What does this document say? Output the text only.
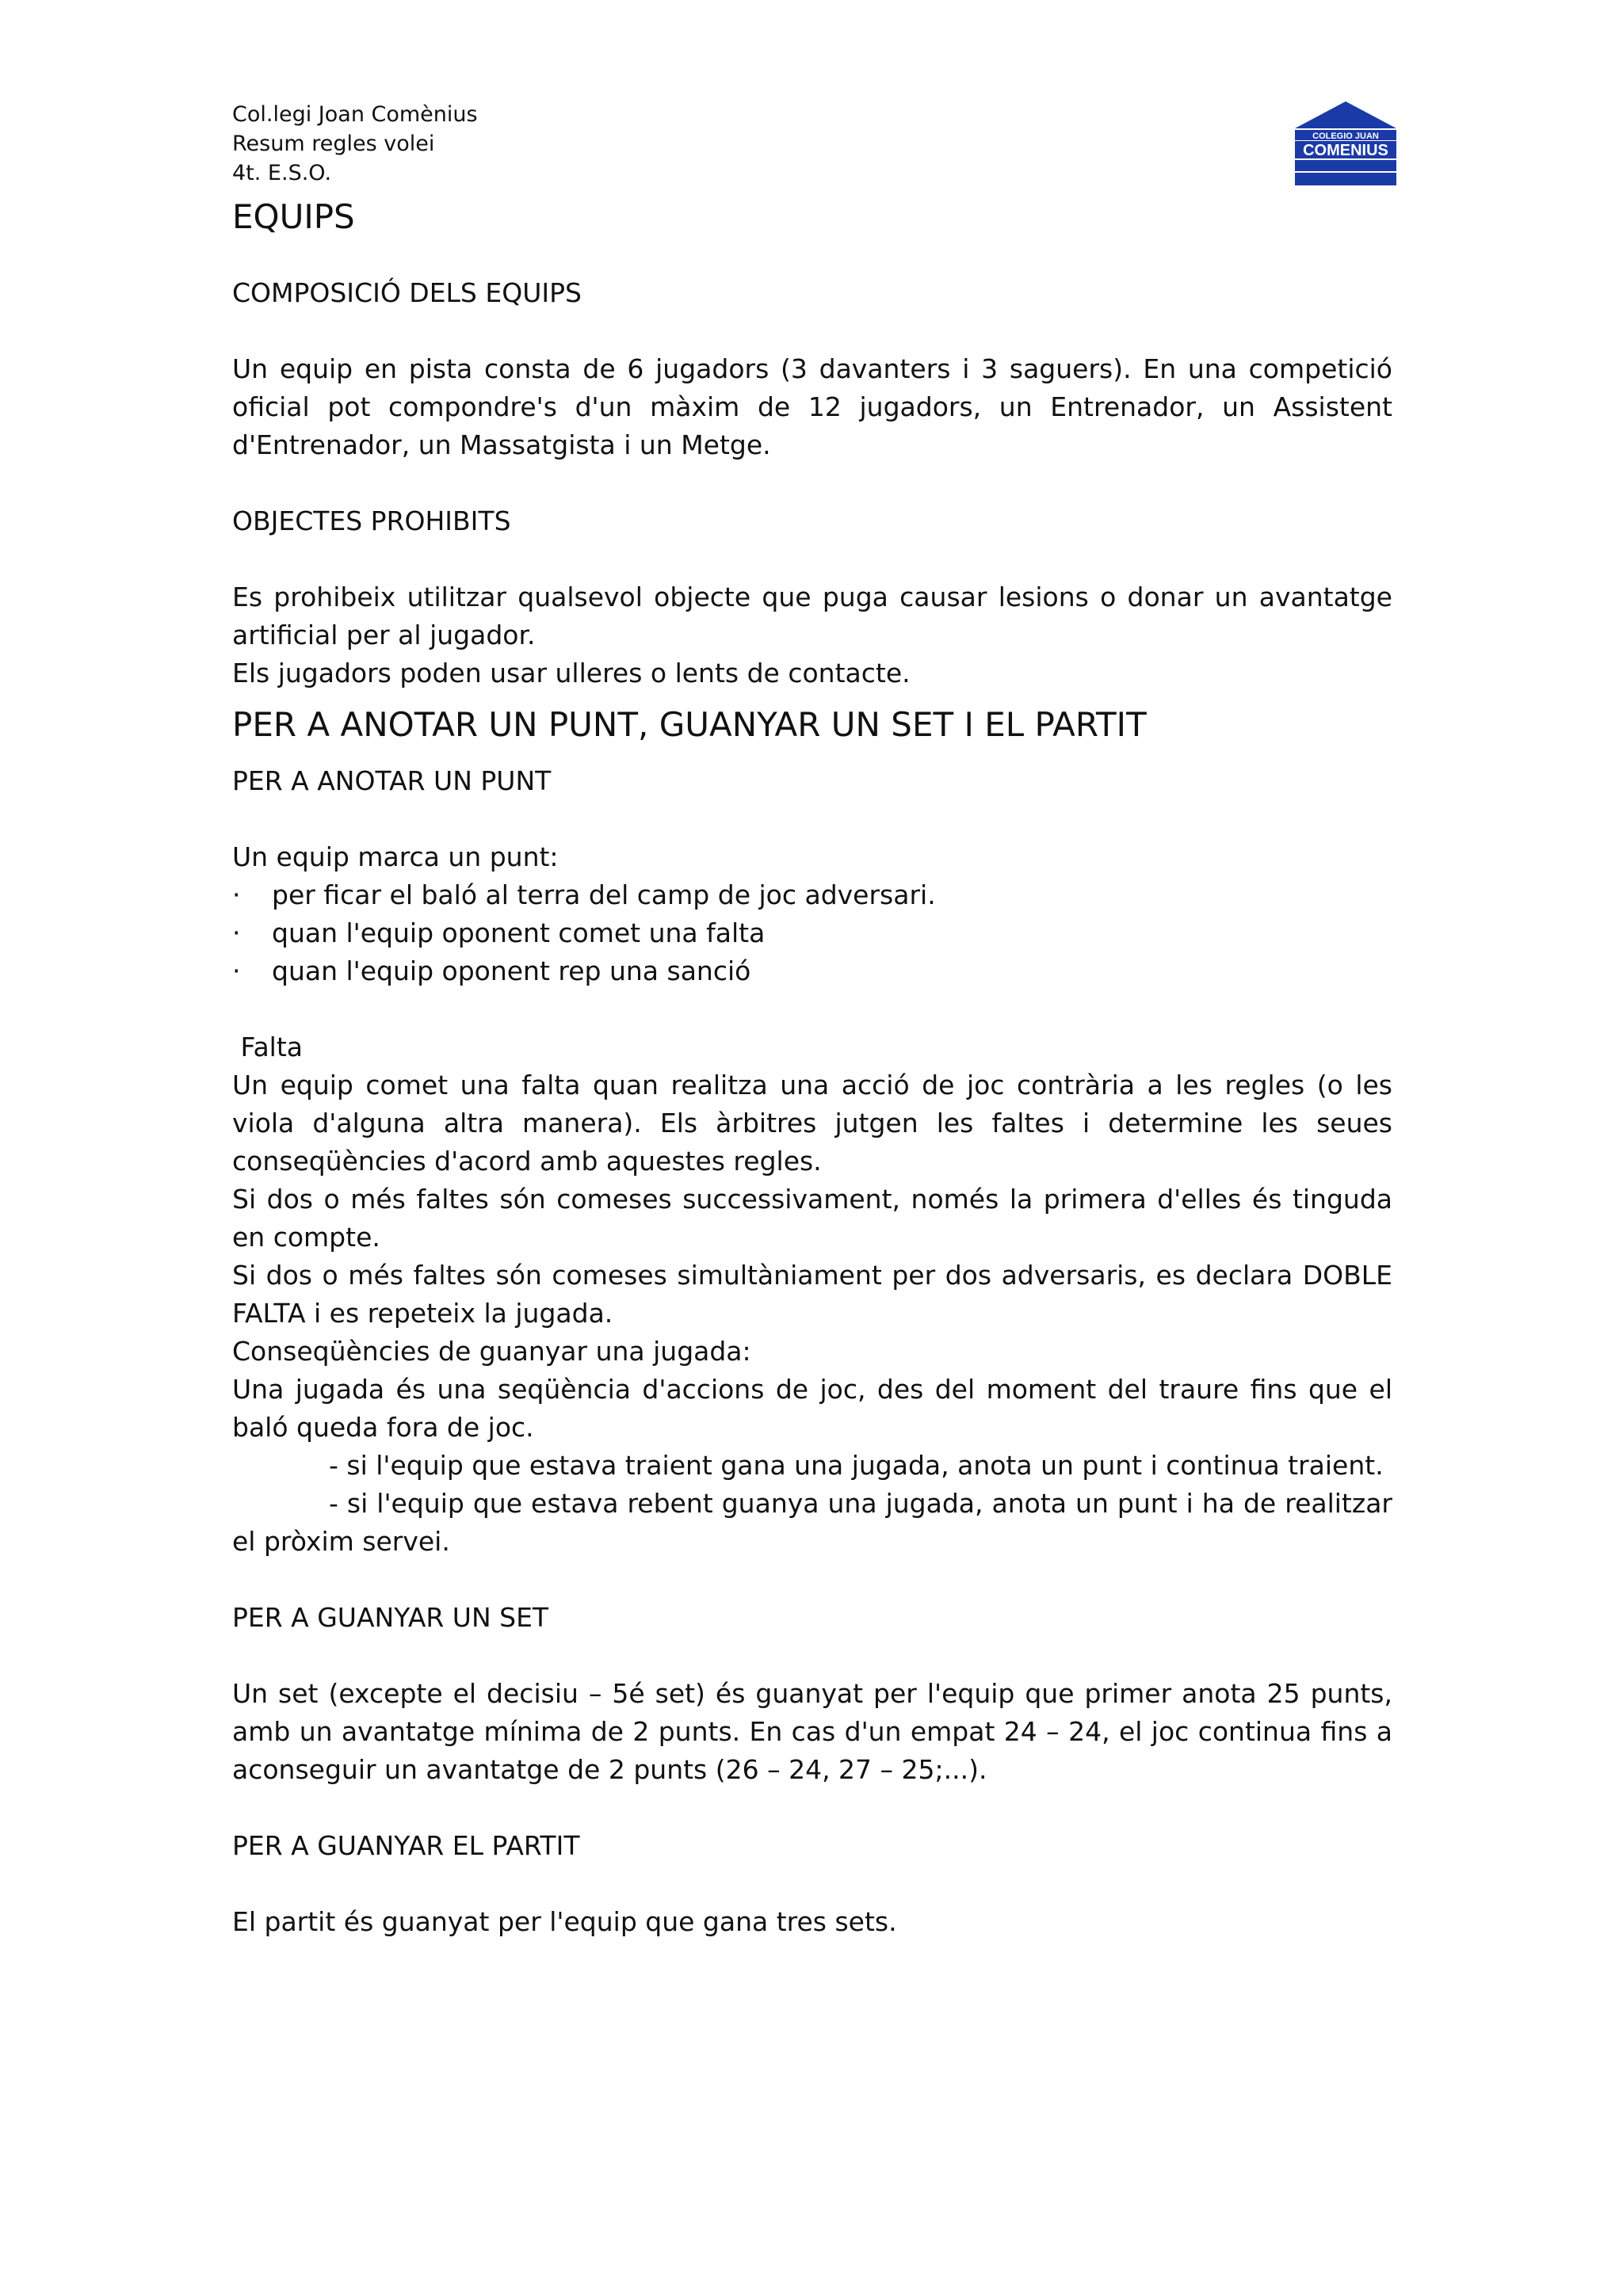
Col.legi Joan Comènius
Resum regles volei
4t. E.S.O.
COLEGIO JUAN
COMENIUS
EQUIPS

COMPOSICIÓ DELS EQUIPS

Un equip en pista consta de 6 jugadors (3 davanters i 3 saguers). En una competició oficial pot compondre's d'un màxim de 12 jugadors, un Entrenador, un Assistent d'Entrenador, un Massatgista i un Metge.

OBJECTES PROHIBITS

Es prohibeix utilitzar qualsevol objecte que puga causar lesions o donar un avantatge artificial per al jugador.

Els jugadors poden usar ulleres o lents de contacte.

PER A ANOTAR UN PUNT, GUANYAR UN SET I EL PARTIT

PER A ANOTAR UN PUNT

Un equip marca un punt:

·	per ficar el baló al terra del camp de joc adversari.
·	quan l'equip oponent comet una falta
·	quan l'equip oponent rep una sanció

Falta

Un equip comet una falta quan realitza una acció de joc contrària a les regles (o les viola d'alguna altra manera). Els àrbitres jutgen les faltes i determine les seues conseqüències d'acord amb aquestes regles.

Si dos o més faltes són comeses successivament, només la primera d'elles és tinguda en compte.

Si dos o més faltes són comeses simultàniament per dos adversaris, es declara DOBLE FALTA i es repeteix la jugada.

Conseqüències de guanyar una jugada:

Una jugada és una seqüència d'accions de joc, des del moment del traure fins que el baló queda fora de joc.

- si l'equip que estava traient gana una jugada, anota un punt i continua traient.

- si l'equip que estava rebent guanya una jugada, anota un punt i ha de realitzar el pròxim servei.

PER A GUANYAR UN SET

Un set (excepte el decisiu – 5é set) és guanyat per l'equip que primer anota 25 punts, amb un avantatge mínima de 2 punts. En cas d'un empat 24 – 24, el joc continua fins a aconseguir un avantatge de 2 punts (26 – 24, 27 – 25;...).

PER A GUANYAR EL PARTIT

El partit és guanyat per l'equip que gana tres sets.
